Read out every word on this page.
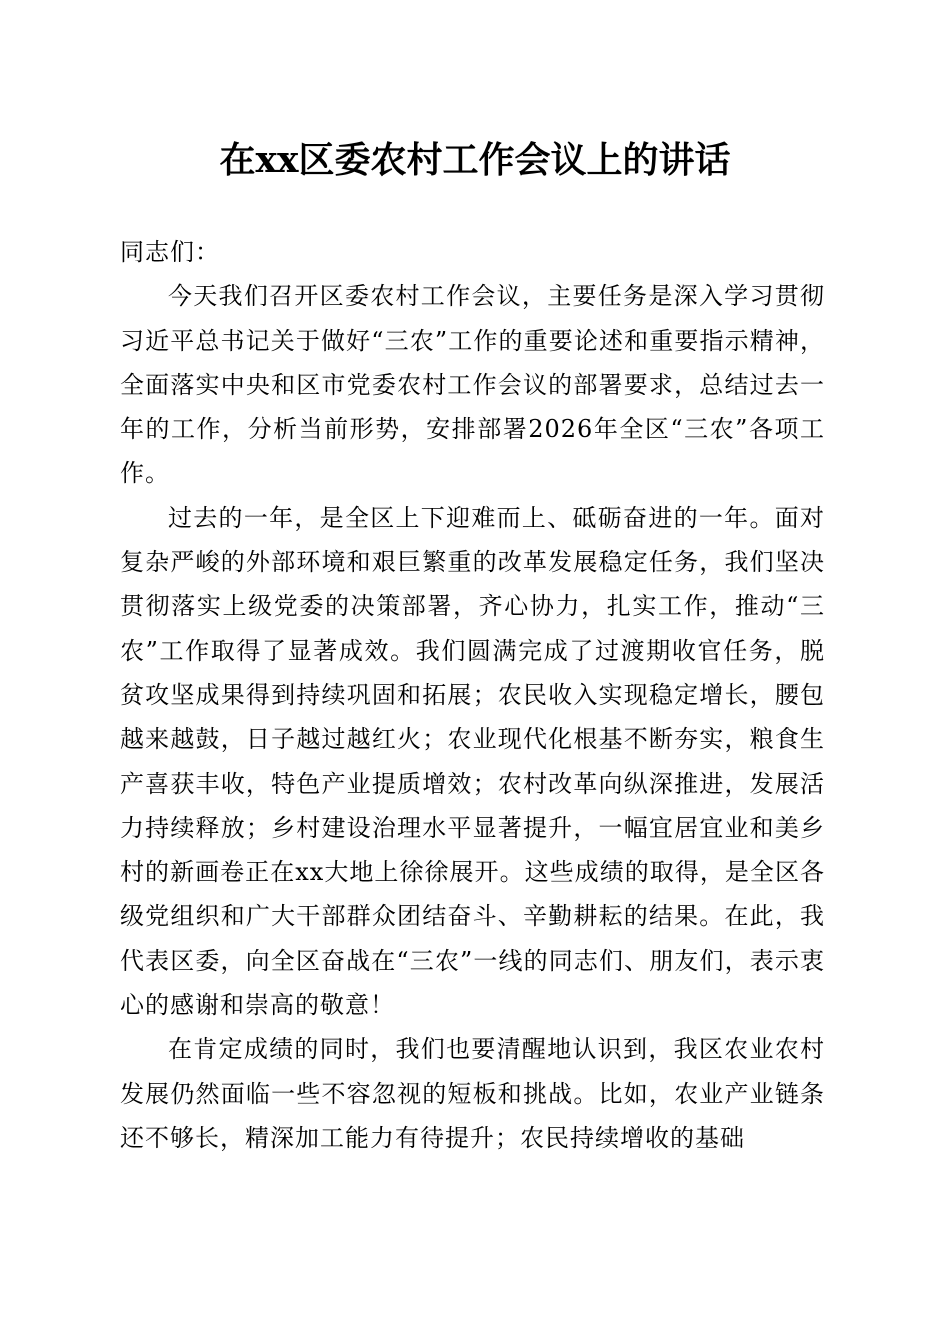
在xx区委农村工作会议上的讲话

同志们：

今天我们召开区委农村工作会议，主要任务是深入学习贯彻习近平总书记关于做好“三农”工作的重要论述和重要指示精神，全面落实中央和区市党委农村工作会议的部署要求，总结过去一年的工作，分析当前形势，安排部署2026年全区“三农”各项工作。

过去的一年，是全区上下迎难而上、砥砺奋进的一年。面对复杂严峻的外部环境和艰巨繁重的改革发展稳定任务，我们坚决贯彻落实上级党委的决策部署，齐心协力，扎实工作，推动“三农”工作取得了显著成效。我们圆满完成了过渡期收官任务，脱贫攻坚成果得到持续巩固和拓展；农民收入实现稳定增长，腰包越来越鼓，日子越过越红火；农业现代化根基不断夯实，粮食生产喜获丰收，特色产业提质增效；农村改革向纵深推进，发展活力持续释放；乡村建设治理水平显著提升，一幅宜居宜业和美乡村的新画卷正在xx大地上徐徐展开。这些成绩的取得，是全区各级党组织和广大干部群众团结奋斗、辛勤耕耘的结果。在此，我代表区委，向全区奋战在“三农”一线的同志们、朋友们，表示衷心的感谢和崇高的敬意！

在肯定成绩的同时，我们也要清醒地认识到，我区农业农村发展仍然面临一些不容忽视的短板和挑战。比如，农业产业链条还不够长，精深加工能力有待提升；农民持续增收的基础
